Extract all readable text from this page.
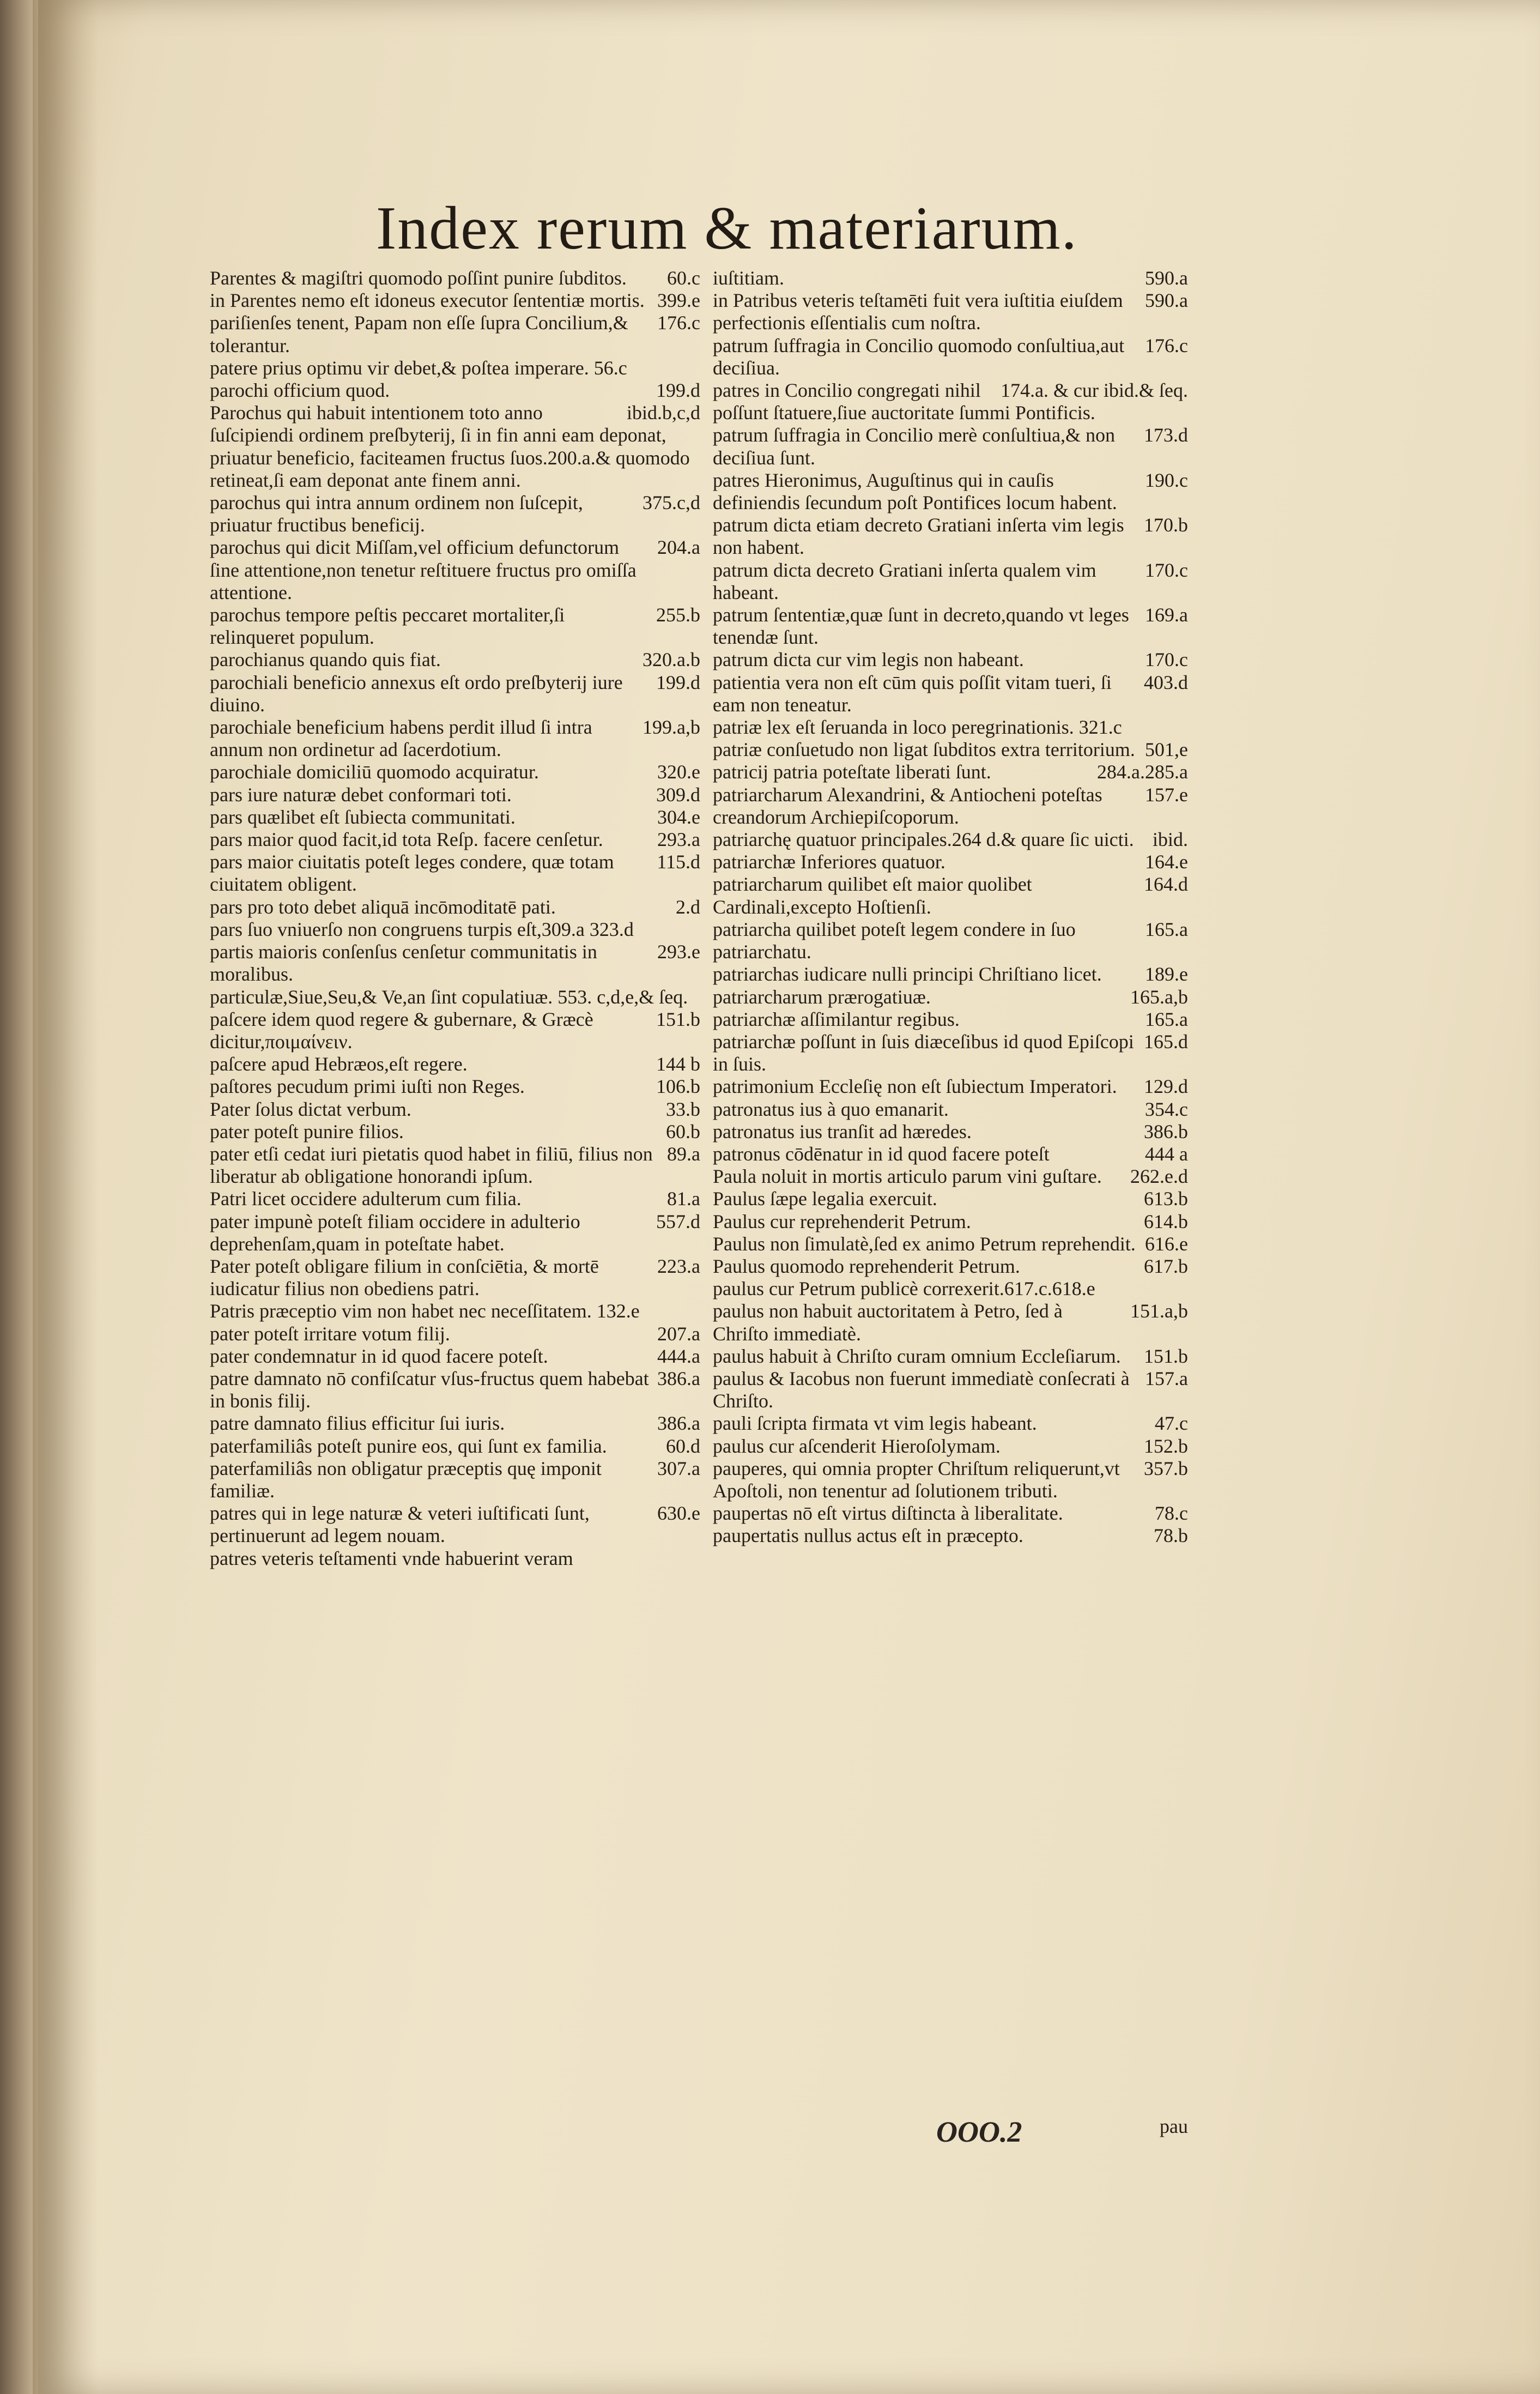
Index rerum & materiarum.
60.c
Parentes & magiſtri quomodo poſſint punire ſubditos.
399.e
in Parentes nemo eſt idoneus executor ſententiæ mortis.
176.c
pariſienſes tenent, Papam non eſſe ſupra Concilium,& tolerantur.
patere prius optimu vir debet,& poſtea imperare. 56.c
199.d
parochi officium quod.
ibid.b,c,d
Parochus qui habuit intentionem toto anno ſuſcipiendi ordinem preſbyterij, ſi in fin anni eam deponat, priuatur beneficio, faciteamen fructus ſuos.200.a.& quomodo retineat,ſi eam deponat ante finem anni.
375.c,d
parochus qui intra annum ordinem non ſuſcepit, priuatur fructibus beneficij.
204.a
parochus qui dicit Miſſam,vel officium defunctorum ſine attentione,non tenetur reſtituere fructus pro omiſſa attentione.
255.b
parochus tempore peſtis peccaret mortaliter,ſi relinqueret populum.
320.a.b
parochianus quando quis fiat.
199.d
parochiali beneficio annexus eſt ordo preſbyterij iure diuino.
199.a,b
parochiale beneficium habens perdit illud ſi intra annum non ordinetur ad ſacerdotium.
320.e
parochiale domiciliū quomodo acquiratur.
309.d
pars iure naturæ debet conformari toti.
304.e
pars quælibet eſt ſubiecta communitati.
293.a
pars maior quod facit,id tota Reſp. facere cenſetur.
115.d
pars maior ciuitatis poteſt leges condere, quæ totam ciuitatem obligent.
2.d
pars pro toto debet aliquā incōmoditatē pati.
pars ſuo vniuerſo non congruens turpis eſt,309.a 323.d
293.e
partis maioris conſenſus cenſetur communitatis in moralibus.
particulæ,Siue,Seu,& Ve,an ſint copulatiuæ. 553. c,d,e,& ſeq.
151.b
paſcere idem quod regere & gubernare, & Græcè dicitur,ποιμαίνειν.
144 b
paſcere apud Hebræos,eſt regere.
106.b
paſtores pecudum primi iuſti non Reges.
33.b
Pater ſolus dictat verbum.
60.b
pater poteſt punire filios.
89.a
pater etſi cedat iuri pietatis quod habet in filiū, filius non liberatur ab obligatione honorandi ipſum.
81.a
Patri licet occidere adulterum cum filia.
557.d
pater impunè poteſt filiam occidere in adulterio deprehenſam,quam in poteſtate habet.
223.a
Pater poteſt obligare filium in conſciētia, & mortē iudicatur filius non obediens patri.
Patris præceptio vim non habet nec neceſſitatem. 132.e
207.a
pater poteſt irritare votum filij.
444.a
pater condemnatur in id quod facere poteſt.
386.a
patre damnato nō confiſcatur vſus-fructus quem habebat in bonis filij.
386.a
patre damnato filius efficitur ſui iuris.
60.d
paterfamiliâs poteſt punire eos, qui ſunt ex familia.
307.a
paterfamiliâs non obligatur præceptis quę imponit familiæ.
630.e
patres qui in lege naturæ & veteri iuſtificati ſunt, pertinuerunt ad legem nouam.
patres veteris teſtamenti vnde habuerint veram
590.a
iuſtitiam.
590.a
in Patribus veteris teſtamēti fuit vera iuſtitia eiuſdem perfectionis eſſentialis cum noſtra.
176.c
patrum ſuffragia in Concilio quomodo conſultiua,aut deciſiua.
174.a. & cur ibid.& ſeq.
patres in Concilio congregati nihil poſſunt ſtatuere,ſiue auctoritate ſummi Pontificis.
173.d
patrum ſuffragia in Concilio merè conſultiua,& non deciſiua ſunt.
190.c
patres Hieronimus, Auguſtinus qui in cauſis definiendis ſecundum poſt Pontifices locum habent.
170.b
patrum dicta etiam decreto Gratiani inſerta vim legis non habent.
170.c
patrum dicta decreto Gratiani inſerta qualem vim habeant.
169.a
patrum ſententiæ,quæ ſunt in decreto,quando vt leges tenendæ ſunt.
170.c
patrum dicta cur vim legis non habeant.
403.d
patientia vera non eſt cūm quis poſſit vitam tueri, ſi eam non teneatur.
patriæ lex eſt ſeruanda in loco peregrinationis. 321.c
501,e
patriæ conſuetudo non ligat ſubditos extra territorium.
284.a.285.a
patricij patria poteſtate liberati ſunt.
157.e
patriarcharum Alexandrini, & Antiocheni poteſtas creandorum Archiepiſcoporum.
ibid.
patriarchę quatuor principales.264 d.& quare ſic uicti.
164.e
patriarchæ Inferiores quatuor.
164.d
patriarcharum quilibet eſt maior quolibet Cardinali,excepto Hoſtienſi.
165.a
patriarcha quilibet poteſt legem condere in ſuo patriarchatu.
189.e
patriarchas iudicare nulli principi Chriſtiano licet.
165.a,b
patriarcharum prærogatiuæ.
165.a
patriarchæ aſſimilantur regibus.
165.d
patriarchæ poſſunt in ſuis diæceſibus id quod Epiſcopi in ſuis.
129.d
patrimonium Eccleſię non eſt ſubiectum Imperatori.
354.c
patronatus ius à quo emanarit.
386.b
patronatus ius tranſit ad hæredes.
444 a
patronus cōdēnatur in id quod facere poteſt
262.e.d
Paula noluit in mortis articulo parum vini guſtare.
613.b
Paulus ſæpe legalia exercuit.
614.b
Paulus cur reprehenderit Petrum.
616.e
Paulus non ſimulatè,ſed ex animo Petrum reprehendit.
617.b
Paulus quomodo reprehenderit Petrum.
paulus cur Petrum publicè correxerit.617.c.618.e
151.a,b
paulus non habuit auctoritatem à Petro, ſed à Chriſto immediatè.
151.b
paulus habuit à Chriſto curam omnium Eccleſiarum.
157.a
paulus & Iacobus non fuerunt immediatè conſecrati à Chriſto.
47.c
pauli ſcripta firmata vt vim legis habeant.
152.b
paulus cur aſcenderit Hieroſolymam.
357.b
pauperes, qui omnia propter Chriſtum reliquerunt,vt Apoſtoli, non tenentur ad ſolutionem tributi.
78.c
paupertas nō eſt virtus diſtincta à liberalitate.
78.b
paupertatis nullus actus eſt in præcepto.
OOO.2	pau
